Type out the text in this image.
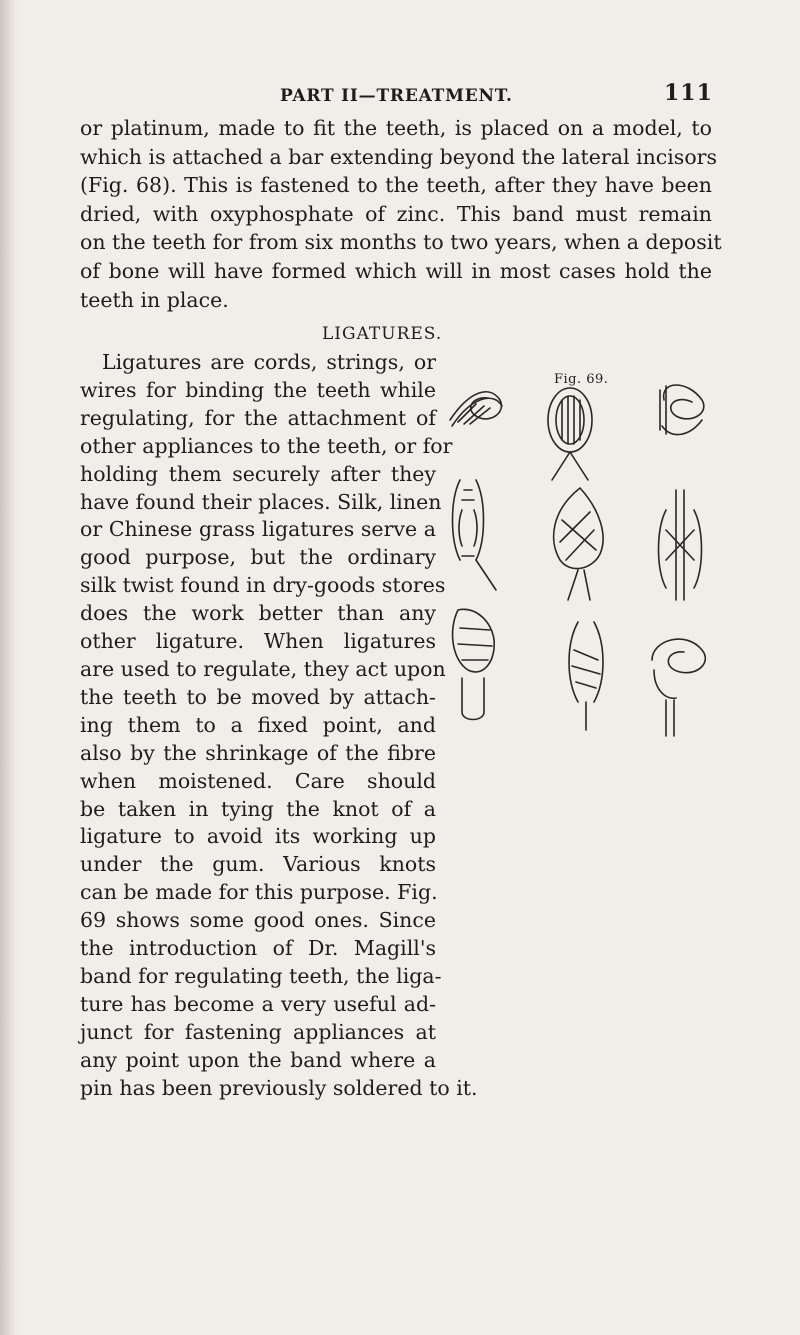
PART II—TREATMENT.	111

or platinum, made to fit the teeth, is placed on a model, to
which is attached a bar extending beyond the lateral incisors
(Fig. 68). This is fastened to the teeth, after they have been
dried, with oxyphosphate of zinc. This band must remain
on the teeth for from six months to two years, when a deposit
of bone will have formed which will in most cases hold the
teeth in place.

LIGATURES.

Ligatures are cords, strings, or
wires for binding the teeth while
regulating, for the attachment of
other appliances to the teeth, or for
holding them securely after they
have found their places. Silk, linen
or Chinese grass ligatures serve a
good purpose, but the ordinary
silk twist found in dry-goods stores
does the work better than any
other ligature. When ligatures
are used to regulate, they act upon
the teeth to be moved by attach-
ing them to a fixed point, and
also by the shrinkage of the fibre
when moistened. Care should
be taken in tying the knot of a
ligature to avoid its working up
under the gum. Various knots
can be made for this purpose. Fig.
69 shows some good ones. Since
the introduction of Dr. Magill's
band for regulating teeth, the liga-
ture has become a very useful ad-
junct for fastening appliances at
any point upon the band where a
pin has been previously soldered to it.

Fig. 69.
